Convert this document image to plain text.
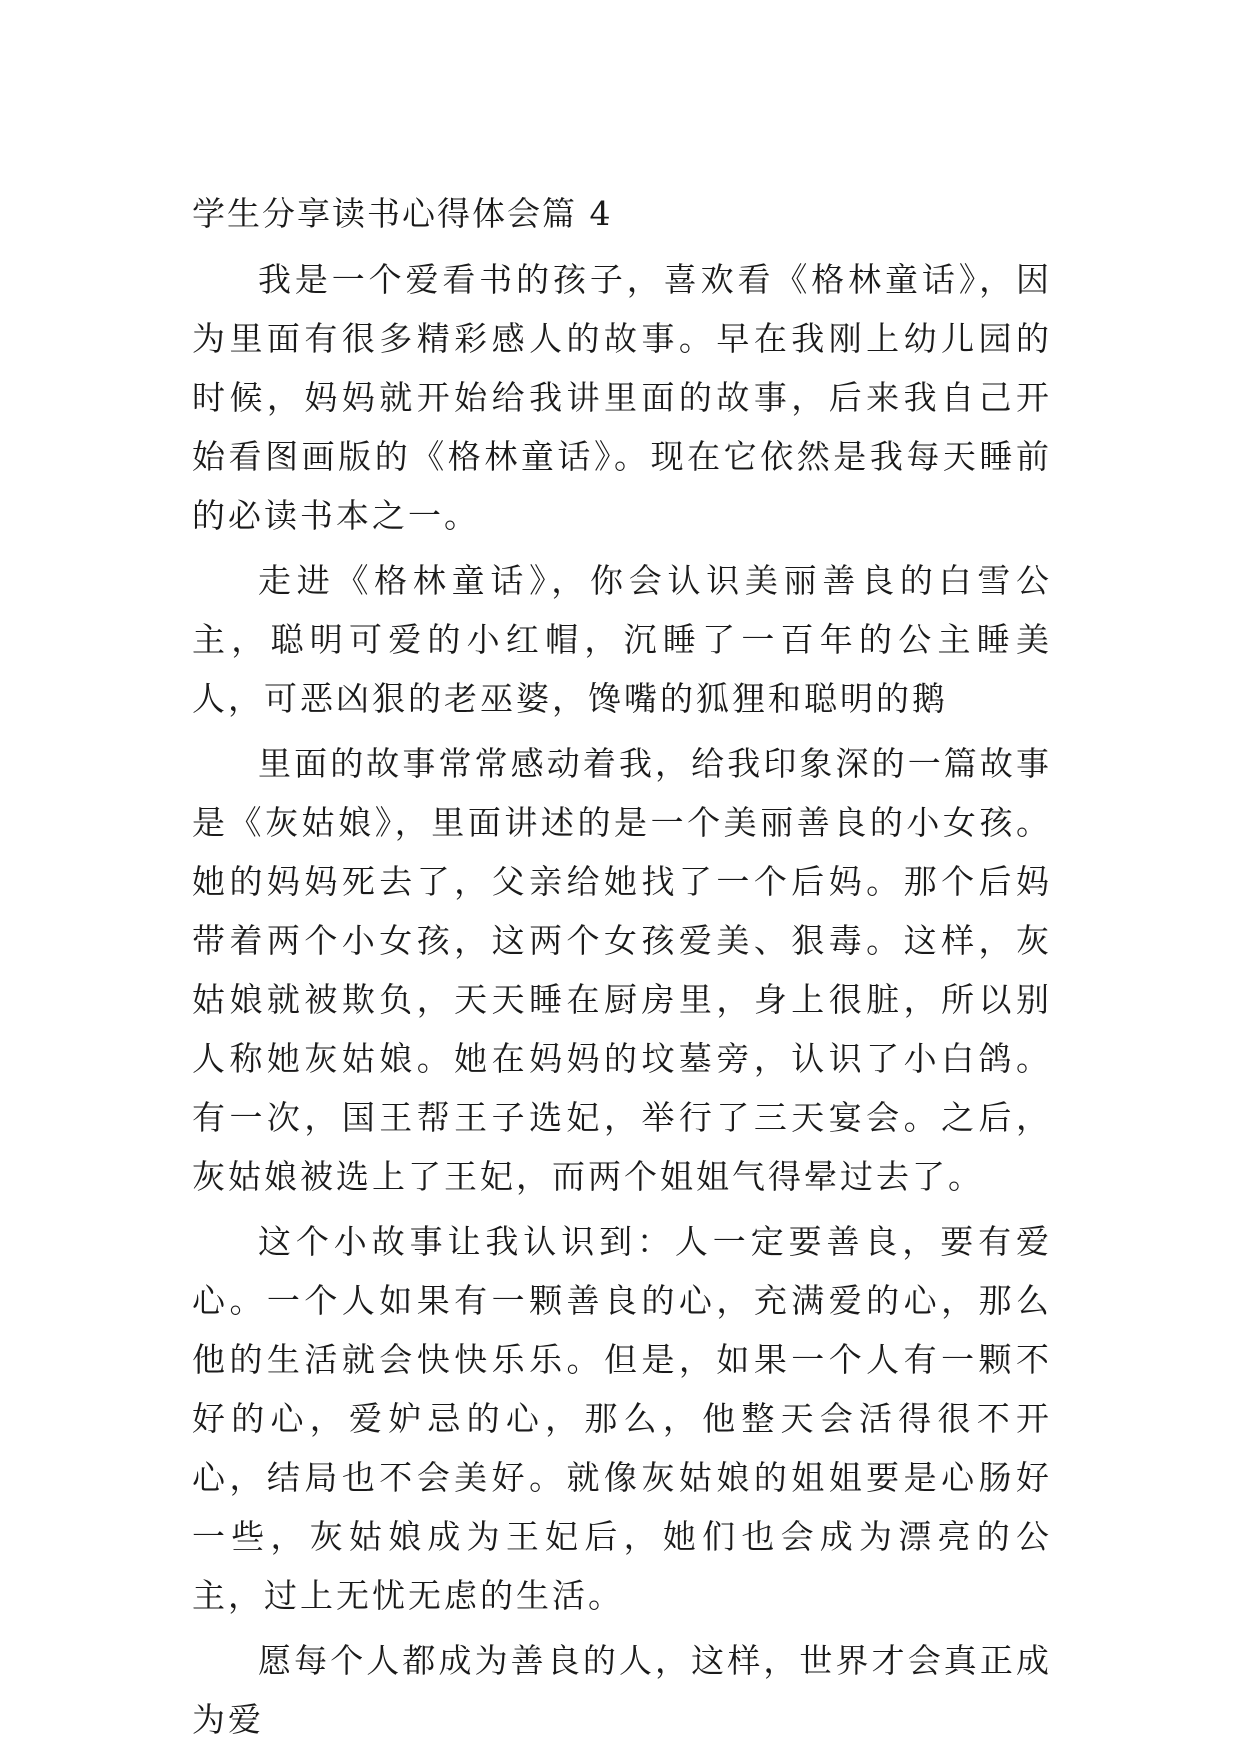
学生分享读书心得体会篇 4

我是一个爱看书的孩子，喜欢看《格林童话》，因为里面有很多精彩感人的故事。早在我刚上幼儿园的时候，妈妈就开始给我讲里面的故事，后来我自己开始看图画版的《格林童话》。现在它依然是我每天睡前的必读书本之一。

走进《格林童话》，你会认识美丽善良的白雪公主，聪明可爱的小红帽，沉睡了一百年的公主睡美人，可恶凶狠的老巫婆，馋嘴的狐狸和聪明的鹅

里面的故事常常感动着我，给我印象深的一篇故事是《灰姑娘》，里面讲述的是一个美丽善良的小女孩。她的妈妈死去了，父亲给她找了一个后妈。那个后妈带着两个小女孩，这两个女孩爱美、狠毒。这样，灰姑娘就被欺负，天天睡在厨房里，身上很脏，所以别人称她灰姑娘。她在妈妈的坟墓旁，认识了小白鸽。有一次，国王帮王子选妃，举行了三天宴会。之后，灰姑娘被选上了王妃，而两个姐姐气得晕过去了。

这个小故事让我认识到：人一定要善良，要有爱心。一个人如果有一颗善良的心，充满爱的心，那么他的生活就会快快乐乐。但是，如果一个人有一颗不好的心，爱妒忌的心，那么，他整天会活得很不开心，结局也不会美好。就像灰姑娘的姐姐要是心肠好一些，灰姑娘成为王妃后，她们也会成为漂亮的公主，过上无忧无虑的生活。

愿每个人都成为善良的人，这样，世界才会真正成为爱
